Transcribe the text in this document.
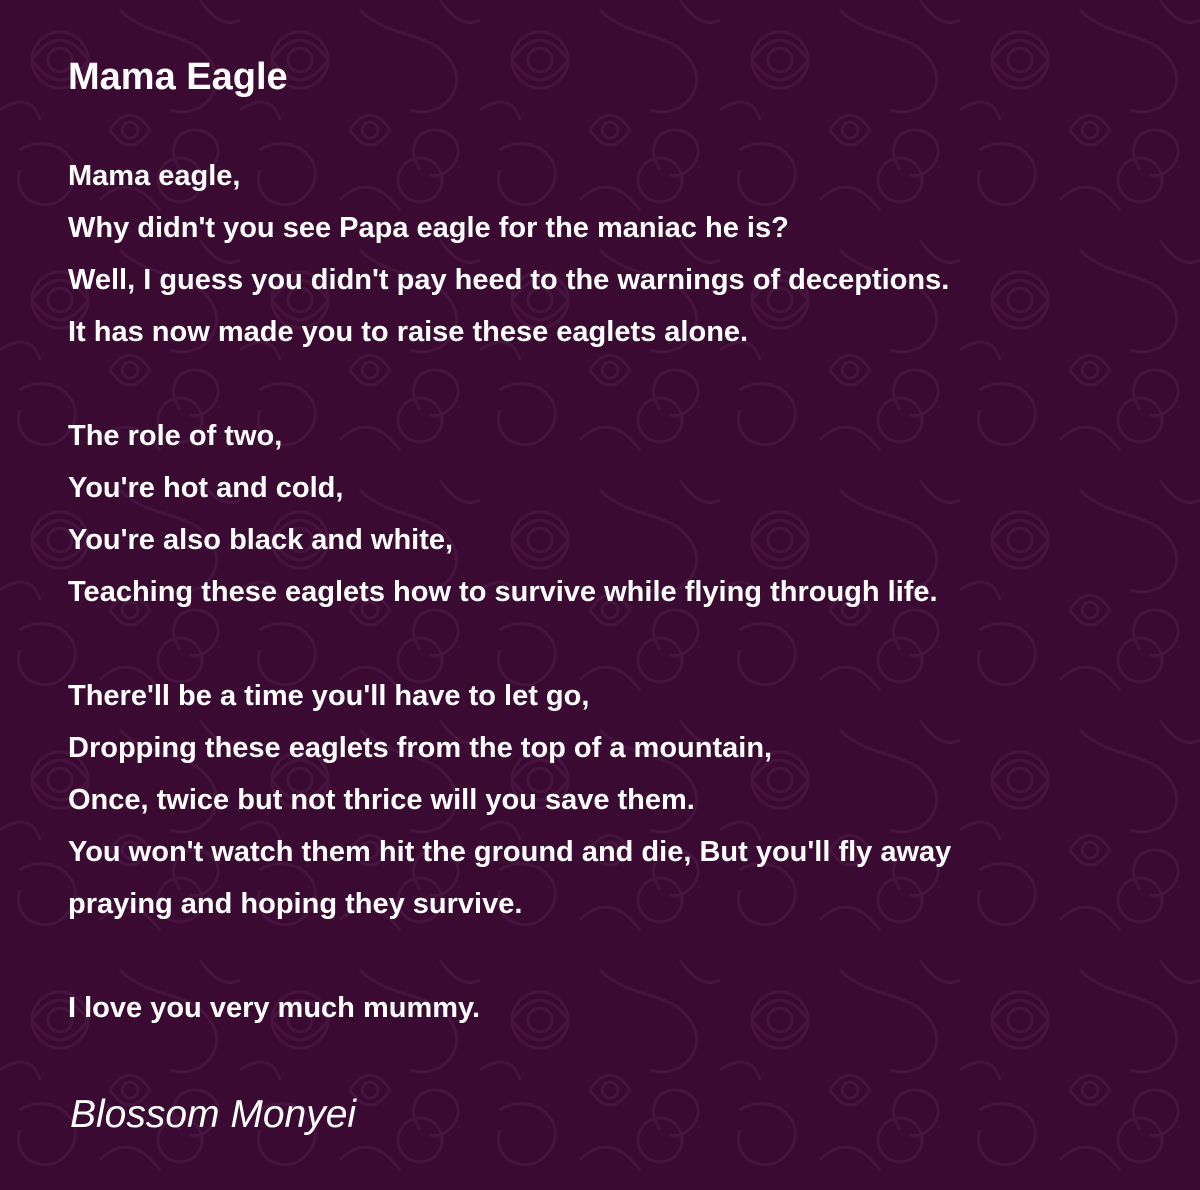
Mama Eagle
Mama eagle,
Why didn't you see Papa eagle for the maniac he is?
Well, I guess you didn't pay heed to the warnings of deceptions.
It has now made you to raise these eaglets alone.
The role of two,
You're hot and cold,
You're also black and white,
Teaching these eaglets how to survive while flying through life.
There'll be a time you'll have to let go,
Dropping these eaglets from the top of a mountain,
Once, twice but not thrice will you save them.
You won't watch them hit the ground and die, But you'll fly away
praying and hoping they survive.
I love you very much mummy.
Blossom Monyei
